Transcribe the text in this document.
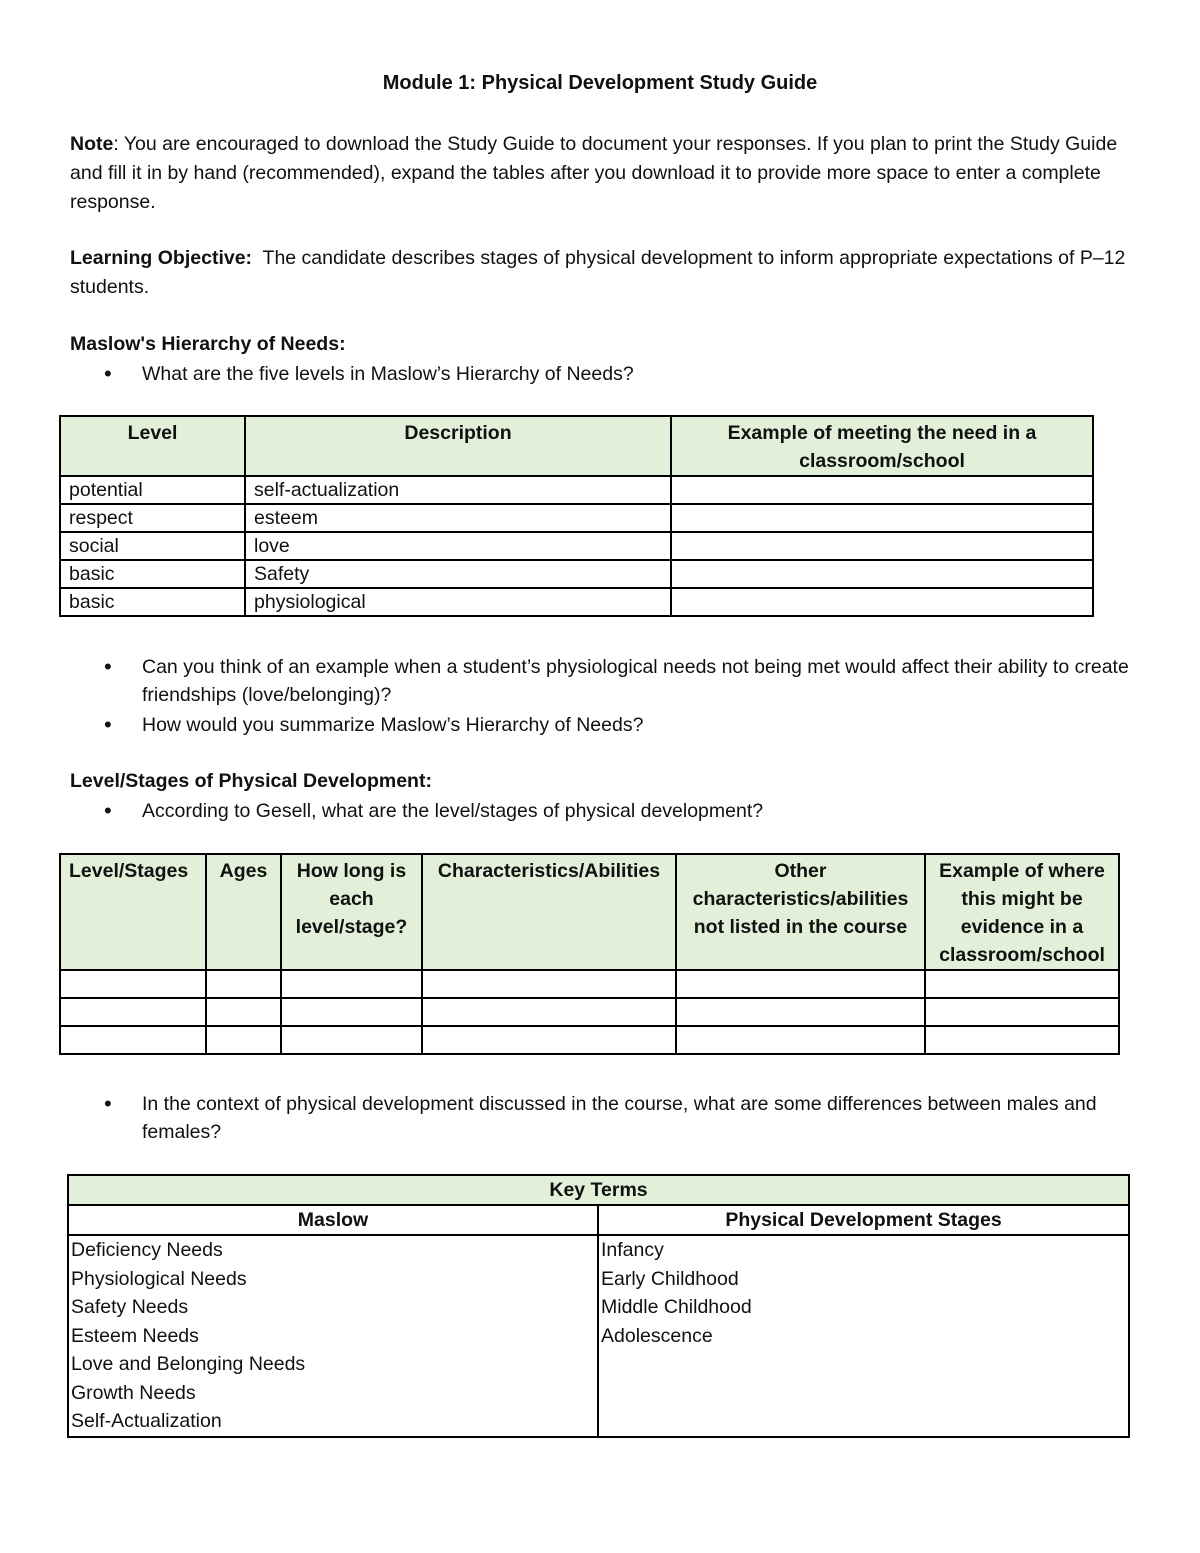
Module 1: Physical Development Study Guide
Note: You are encouraged to download the Study Guide to document your responses. If you plan to print the Study Guide and fill it in by hand (recommended), expand the tables after you download it to provide more space to enter a complete response.
Learning Objective:  The candidate describes stages of physical development to inform appropriate expectations of P–12 students.
Maslow's Hierarchy of Needs:
• What are the five levels in Maslow’s Hierarchy of Needs?
Level	Description	Example of meeting the need in a classroom/school
potential	self-actualization	
respect	esteem	
social	love	
basic	Safety	
basic	physiological	
• Can you think of an example when a student’s physiological needs not being met would affect their ability to create friendships (love/belonging)?
• How would you summarize Maslow’s Hierarchy of Needs?
Level/Stages of Physical Development:
• According to Gesell, what are the level/stages of physical development?
Level/Stages	Ages	How long is each level/stage?	Characteristics/Abilities	Other characteristics/abilities not listed in the course	Example of where this might be evidence in a classroom/school

• In the context of physical development discussed in the course, what are some differences between males and females?
Key Terms	
Maslow	Physical Development Stages
Deficiency Needs	Infancy
Physiological Needs	Early Childhood
Safety Needs	Middle Childhood
Esteem Needs	Adolescence
Love and Belonging Needs	
Growth Needs	
Self-Actualization	
